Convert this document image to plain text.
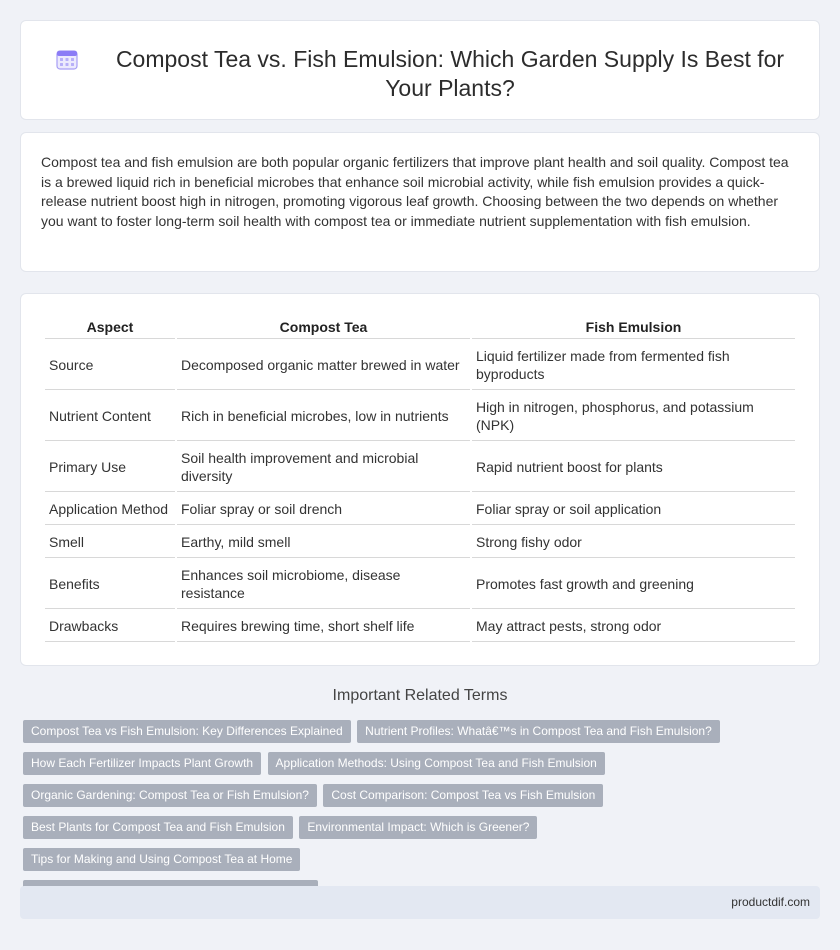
Compost Tea vs. Fish Emulsion: Which Garden Supply Is Best for Your Plants?

Compost tea and fish emulsion are both popular organic fertilizers that improve plant health and soil quality. Compost tea is a brewed liquid rich in beneficial microbes that enhance soil microbial activity, while fish emulsion provides a quick-release nutrient boost high in nitrogen, promoting vigorous leaf growth. Choosing between the two depends on whether you want to foster long-term soil health with compost tea or immediate nutrient supplementation with fish emulsion.

Aspect	Compost Tea	Fish Emulsion
Source	Decomposed organic matter brewed in water	Liquid fertilizer made from fermented fish byproducts
Nutrient Content	Rich in beneficial microbes, low in nutrients	High in nitrogen, phosphorus, and potassium (NPK)
Primary Use	Soil health improvement and microbial diversity	Rapid nutrient boost for plants
Application Method	Foliar spray or soil drench	Foliar spray or soil application
Smell	Earthy, mild smell	Strong fishy odor
Benefits	Enhances soil microbiome, disease resistance	Promotes fast growth and greening
Drawbacks	Requires brewing time, short shelf life	May attract pests, strong odor
Important Related Terms
Compost Tea vs Fish Emulsion: Key Differences Explained Nutrient Profiles: Whatâ€™s in Compost Tea and Fish Emulsion?
How Each Fertilizer Impacts Plant Growth Application Methods: Using Compost Tea and Fish Emulsion
Organic Gardening: Compost Tea or Fish Emulsion? Cost Comparison: Compost Tea vs Fish Emulsion
Best Plants for Compost Tea and Fish Emulsion Environmental Impact: Which is Greener? Tips for Making and Using Compost Tea at Home

productdif.com
